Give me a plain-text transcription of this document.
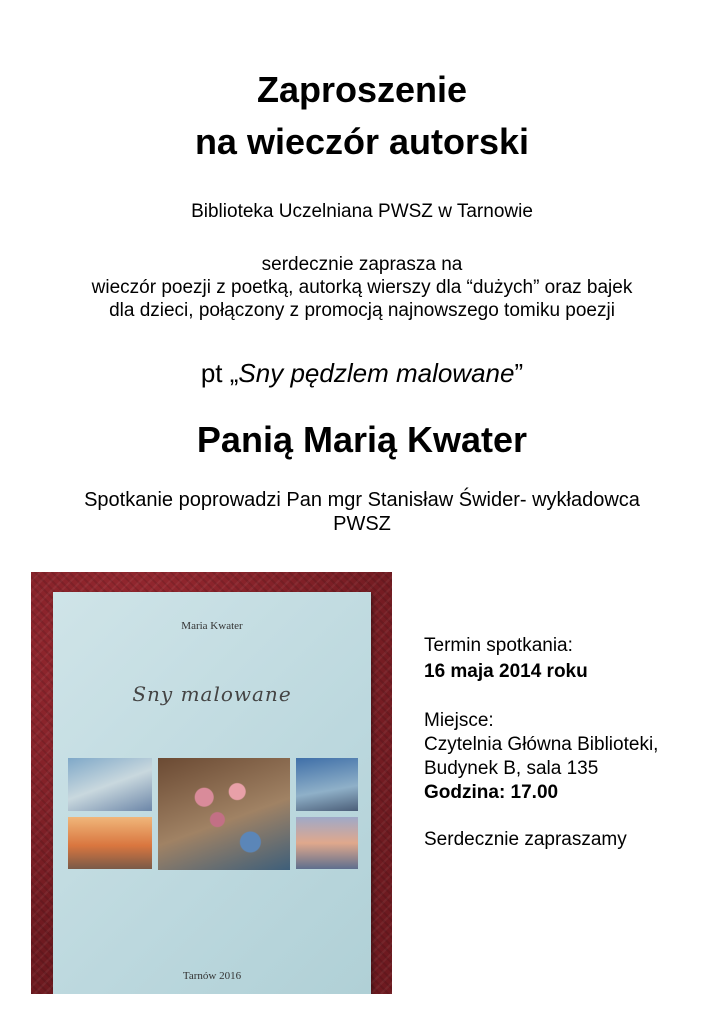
Zaproszenie
na wieczór autorski
Biblioteka Uczelniana PWSZ w Tarnowie
serdecznie zaprasza na
wieczór poezji z poetką, autorką wierszy dla “dużych” oraz bajek
dla dzieci, połączony z promocją najnowszego tomiku poezji
pt „Sny pędzlem malowane”
Panią Marią Kwater
Spotkanie poprowadzi Pan mgr Stanisław Świder- wykładowca
PWSZ
Maria Kwater
Sny malowane
Tarnów 2016
Termin spotkania:
16 maja 2014 roku
Miejsce:
Czytelnia Główna Biblioteki,
Budynek B, sala 135
Godzina: 17.00
Serdecznie zapraszamy
